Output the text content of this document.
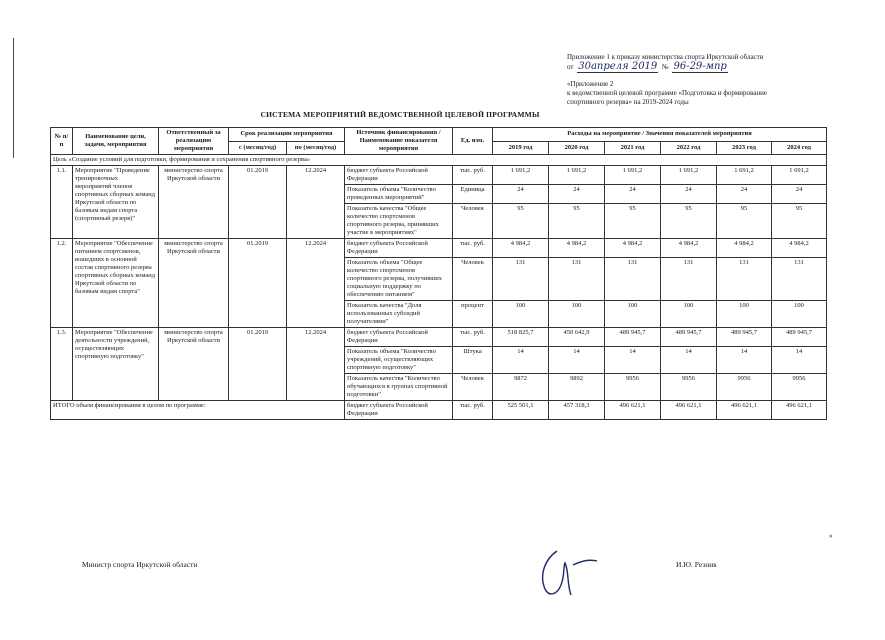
Приложение 1 к приказу министерства спорта Иркутской области
от 30апреля 2019 № 96-29-мпр
«Приложение 2
к ведомственной целевой программе «Подготовка и формирование
спортивного резерва» на 2019-2024 годы
СИСТЕМА МЕРОПРИЯТИЙ ВЕДОМСТВЕННОЙ ЦЕЛЕВОЙ ПРОГРАММЫ
№ п/п	Наименование цели, задачи, мероприятия	Ответственный за реализацию мероприятия	Срок реализации мероприятия		Источник финансирования / Наименование показателя мероприятия	Ед. изм.	Расходы на мероприятие / Значения показателей мероприятия					
			с (месяц/год)	по (месяц/год)			2019 год	2020 год	2021 год	2022 год	2023 год	2024 год
Цель «Создание условий для подготовки, формирования и сохранения спортивного резерва»												
1.1.	Мероприятие "Проведение тренировочных мероприятий членов спортивных сборных команд Иркутской области по базовым видам спорта (спортивный резерв)"	министерство спорта Иркутской области	01.2019	12.2024	бюджет субъекта Российской Федерации	тыс. руб.	1 691,2	1 691,2	1 691,2	1 691,2	1 691,2	1 691,2
					Показатель объема "Количество проведенных мероприятий"	Единица	24	24	24	24	24	24
					Показатель качества "Общее количество спортсменов спортивного резерва, принявших участие в мероприятиях"	Человек	95	95	95	95	95	95
1.2.	Мероприятие "Обеспечение питанием спортсменов, вошедших в основной состав спортивного резерва спортивных сборных команд Иркутской области по базовым видам спорта"	министерство спорта Иркутской области	01.2019	12.2024	бюджет субъекта Российской Федерации	тыс. руб.	4 984,2	4 984,2	4 984,2	4 984,2	4 984,2	4 984,2
					Показатель объема "Общее количество спортсменов спортивного резерва, получивших социальную поддержку по обеспечению питанием"	Человек	131	131	131	131	131	131
					Показатель качества "Доля использованных субсидий получателями"	процент	100	100	100	100	100	100
1.3.	Мероприятие "Обеспечение деятельности учреждений, осуществляющих спортивную подготовку"	министерство спорта Иркутской области	01.2019	12.2024	бюджет субъекта Российской Федерации	тыс. руб.	518 825,7	450 642,9	489 945,7	489 945,7	489 945,7	489 945,7
					Показатель объема "Количество учреждений, осуществляющих спортивную подготовку"	Штука	14	14	14	14	14	14
					Показатель качества "Количество обучающихся в группах спортивной подготовки"	Человек	9872	9892	9956	9956	9956	9956
ИТОГО объем финансирования в целом по программе:					бюджет субъекта Российской Федерации	тыс. руб.	525 501,1	457 318,3	496 621,1	496 621,1	496 621,1	496 621,1
»
Министр спорта Иркутской области	И.Ю. Резник
